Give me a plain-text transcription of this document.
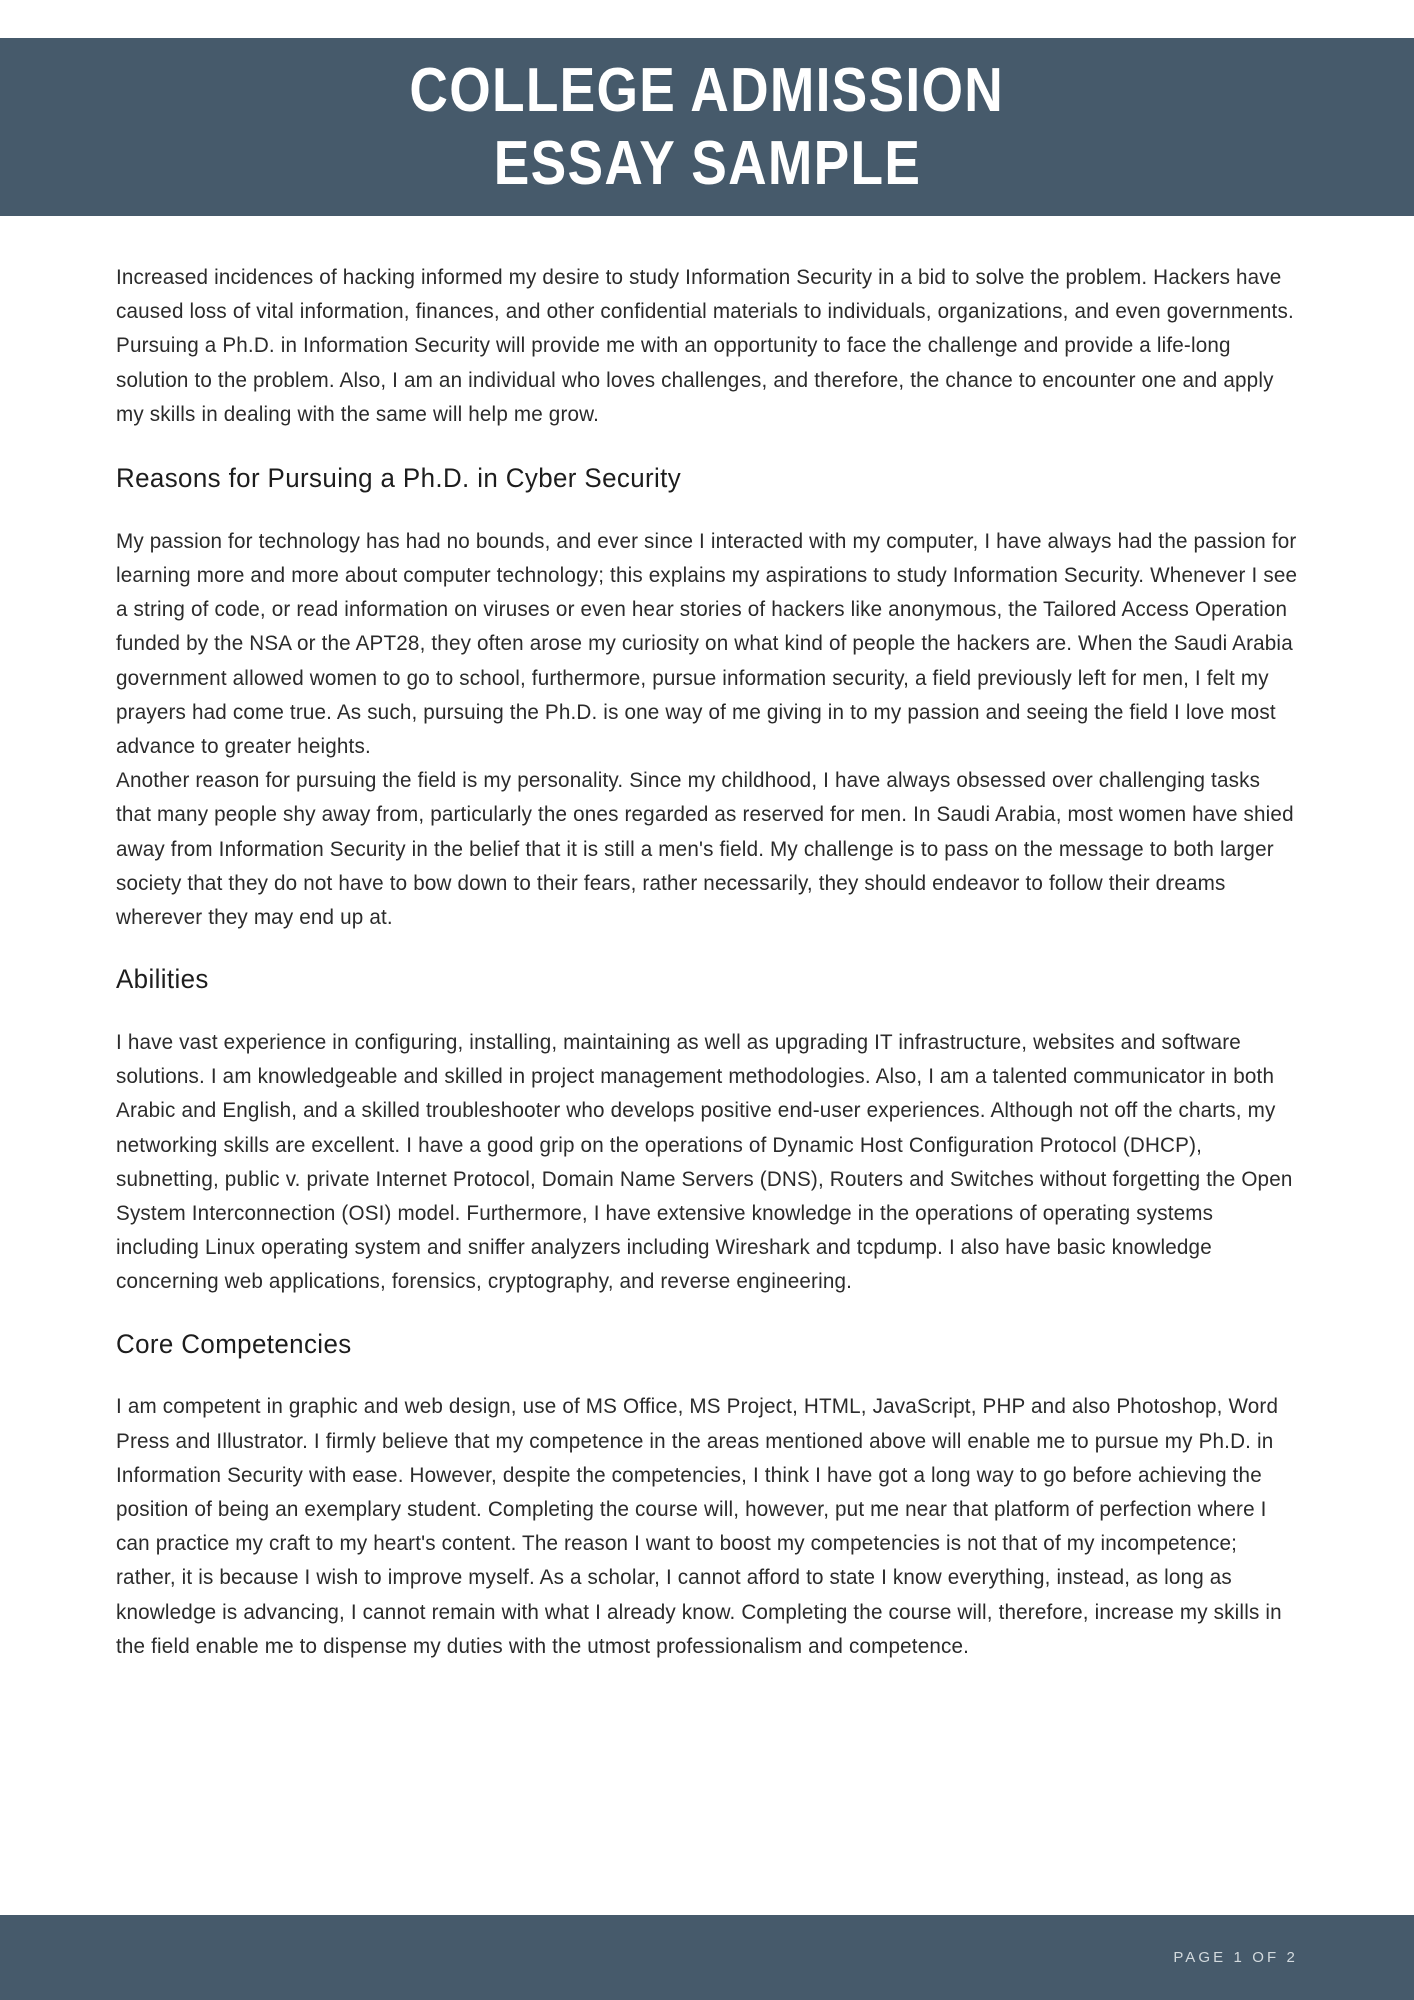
COLLEGE ADMISSION
ESSAY SAMPLE

Increased incidences of hacking informed my desire to study Information Security in a bid to solve the problem. Hackers have caused loss of vital information, finances, and other confidential materials to individuals, organizations, and even governments. Pursuing a Ph.D. in Information Security will provide me with an opportunity to face the challenge and provide a life-long solution to the problem. Also, I am an individual who loves challenges, and therefore, the chance to encounter one and apply my skills in dealing with the same will help me grow.

Reasons for Pursuing a Ph.D. in Cyber Security

My passion for technology has had no bounds, and ever since I interacted with my computer, I have always had the passion for learning more and more about computer technology; this explains my aspirations to study Information Security. Whenever I see a string of code, or read information on viruses or even hear stories of hackers like anonymous, the Tailored Access Operation funded by the NSA or the APT28, they often arose my curiosity on what kind of people the hackers are. When the Saudi Arabia government allowed women to go to school, furthermore, pursue information security, a field previously left for men, I felt my prayers had come true. As such, pursuing the Ph.D. is one way of me giving in to my passion and seeing the field I love most advance to greater heights.

Another reason for pursuing the field is my personality. Since my childhood, I have always obsessed over challenging tasks that many people shy away from, particularly the ones regarded as reserved for men. In Saudi Arabia, most women have shied away from Information Security in the belief that it is still a men's field. My challenge is to pass on the message to both larger society that they do not have to bow down to their fears, rather necessarily, they should endeavor to follow their dreams wherever they may end up at.

Abilities

I have vast experience in configuring, installing, maintaining as well as upgrading IT infrastructure, websites and software solutions. I am knowledgeable and skilled in project management methodologies. Also, I am a talented communicator in both Arabic and English, and a skilled troubleshooter who develops positive end-user experiences. Although not off the charts, my networking skills are excellent. I have a good grip on the operations of Dynamic Host Configuration Protocol (DHCP), subnetting, public v. private Internet Protocol, Domain Name Servers (DNS), Routers and Switches without forgetting the Open System Interconnection (OSI) model. Furthermore, I have extensive knowledge in the operations of operating systems including Linux operating system and sniffer analyzers including Wireshark and tcpdump. I also have basic knowledge concerning web applications, forensics, cryptography, and reverse engineering.

Core Competencies

I am competent in graphic and web design, use of MS Office, MS Project, HTML, JavaScript, PHP and also Photoshop, Word Press and Illustrator. I firmly believe that my competence in the areas mentioned above will enable me to pursue my Ph.D. in Information Security with ease. However, despite the competencies, I think I have got a long way to go before achieving the position of being an exemplary student. Completing the course will, however, put me near that platform of perfection where I can practice my craft to my heart's content. The reason I want to boost my competencies is not that of my incompetence; rather, it is because I wish to improve myself. As a scholar, I cannot afford to state I know everything, instead, as long as knowledge is advancing, I cannot remain with what I already know. Completing the course will, therefore, increase my skills in the field enable me to dispense my duties with the utmost professionalism and competence.

PAGE 1 OF 2
